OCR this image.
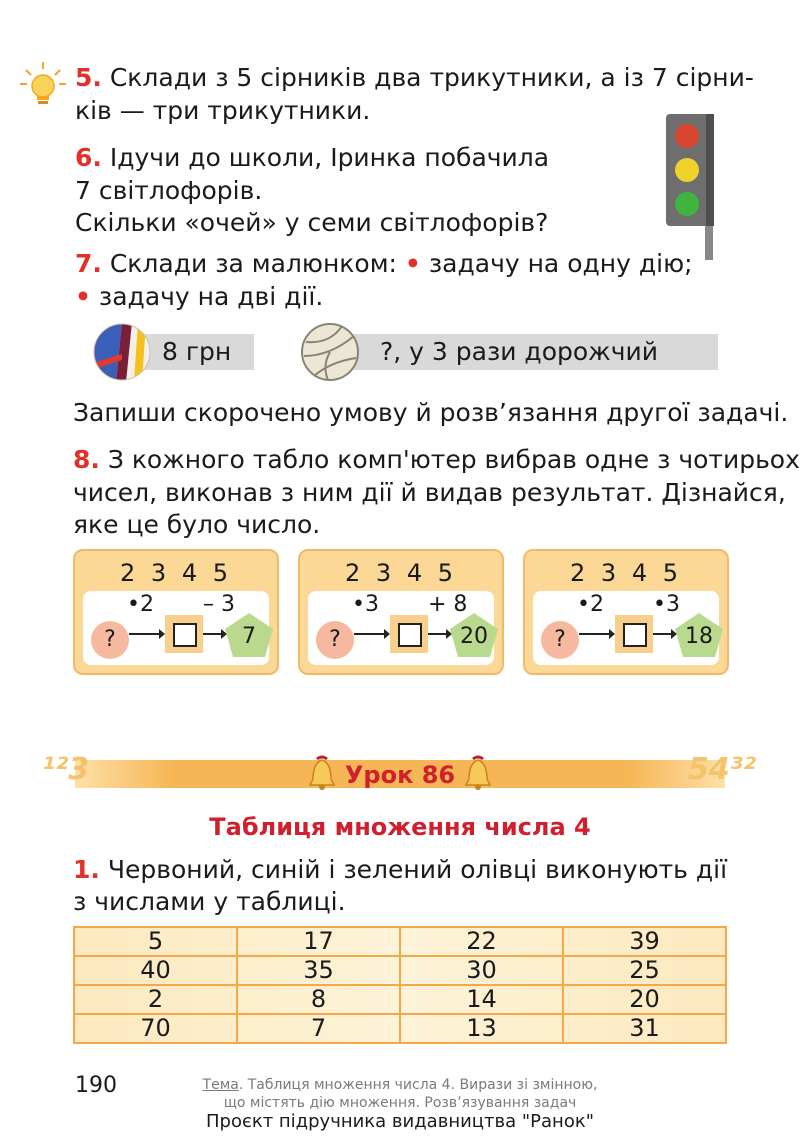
5. Склади з 5 сірників два трикутники, а із 7 сірни-
ків — три трикутники.
6. Ідучи до школи, Іринка побачила
7 світлофорів.
Скільки «очей» у семи світлофорів?
7. Склади за малюнком: • задачу на одну дію;
• задачу на дві дії.
8 грн	?, у 3 рази дорожчий
Запиши скорочено умову й розв’язання другої задачі.
8. З кожного табло комп'ютер вибрав одне з чотирьох
чисел, виконав з ним дії й видав результат. Дізнайся,
яке це було число.
2 3 4 5
?
•2 – 3
7
2 3 4 5
?
•3 + 8
20
2 3 4 5
?
•2 •3
18
¹²3	54³²
Урок 86
Таблиця множення числа 4
1. Червоний, синій і зелений олівці виконують дії
з числами у таблиці.
5	17	22	39
40	35	30	25
2	8	14	20
70	7	13	31
190	Тема. Таблиця множення числа 4. Вирази зі змінною,
що містять дію множення. Розв’язування задач
Проєкт підручника видавництва "Ранок"
